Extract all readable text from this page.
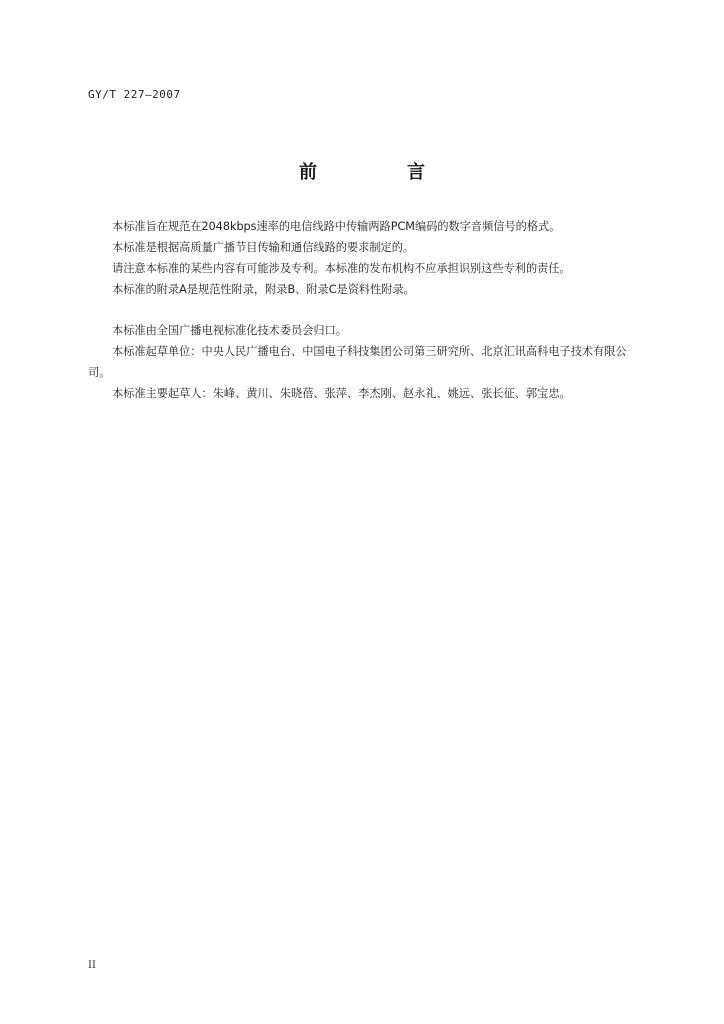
GY/T 227—2007
前　言

本标准旨在规范在2048kbps速率的电信线路中传输两路PCM编码的数字音频信号的格式。

本标准是根据高质量广播节目传输和通信线路的要求制定的。

请注意本标准的某些内容有可能涉及专利。本标准的发布机构不应承担识别这些专利的责任。

本标准的附录A是规范性附录，附录B、附录C是资料性附录。

本标准由全国广播电视标准化技术委员会归口。

本标准起草单位：中央人民广播电台、中国电子科技集团公司第三研究所、北京汇讯高科电子技术有限公司。

本标准主要起草人：朱峰、黄川、朱晓蓓、张萍、李杰刚、赵永礼、姚远、张长征、郭宝忠。

II
